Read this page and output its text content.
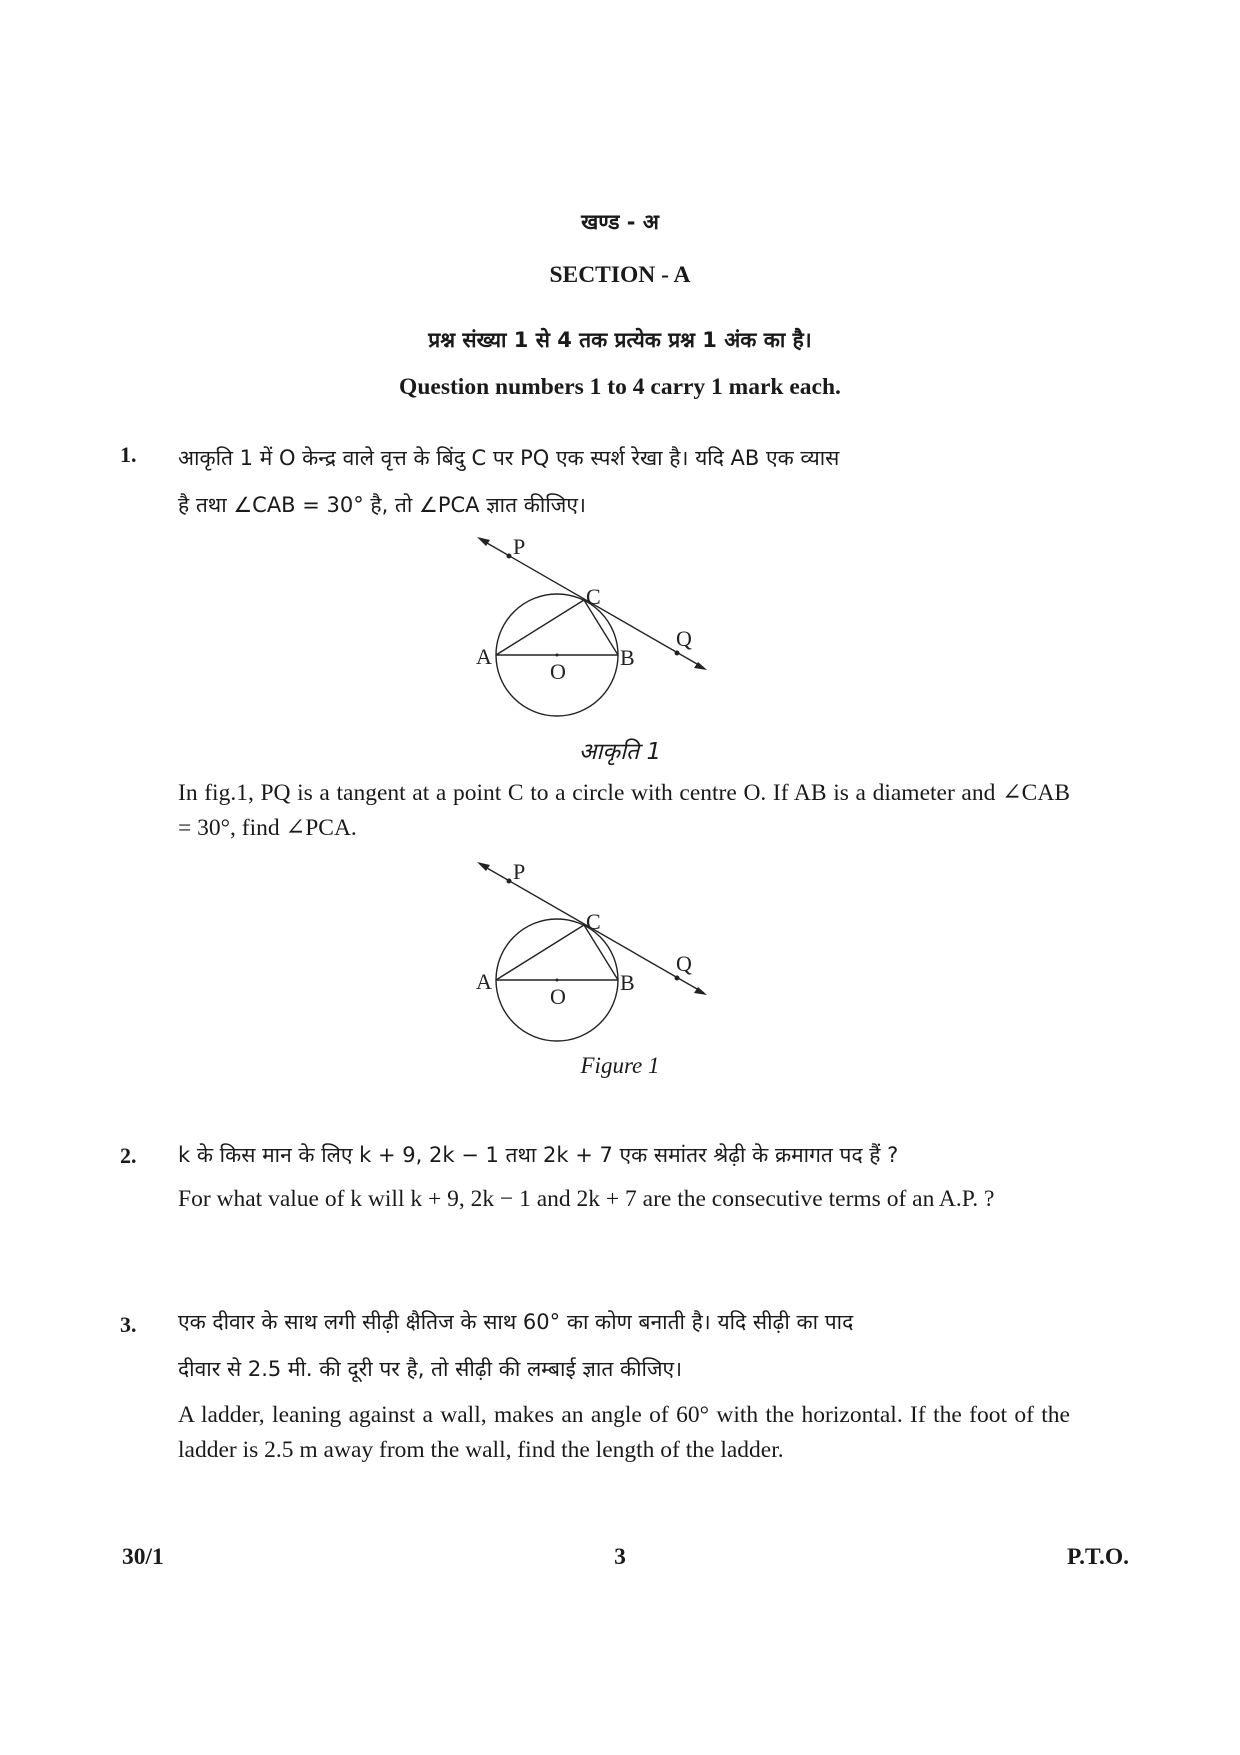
खण्ड - अ
SECTION - A
प्रश्न संख्या 1 से 4 तक प्रत्येक प्रश्न 1 अंक का है।
Question numbers 1 to 4 carry 1 mark each.
1. आकृति 1 में O केन्द्र वाले वृत्त के बिंदु C पर PQ एक स्पर्श रेखा है। यदि AB एक व्यास
है तथा ∠CAB = 30° है, तो ∠PCA ज्ञात कीजिए।
P
C
Q
A	B
O
आकृति 1
In fig.1, PQ is a tangent at a point C to a circle with centre O. If AB is a diameter and ∠CAB = 30°, find ∠PCA.
P
C
Q
A	B
O
Figure 1
2. k के किस मान के लिए k + 9, 2k − 1 तथा 2k + 7 एक समांतर श्रेढ़ी के क्रमागत पद हैं ?
For what value of k will k + 9, 2k − 1 and 2k + 7 are the consecutive terms of an A.P. ?
3. एक दीवार के साथ लगी सीढ़ी क्षैतिज के साथ 60° का कोण बनाती है। यदि सीढ़ी का पाद
दीवार से 2.5 मी. की दूरी पर है, तो सीढ़ी की लम्बाई ज्ञात कीजिए।
A ladder, leaning against a wall, makes an angle of 60° with the horizontal. If the foot of the ladder is 2.5 m away from the wall, find the length of the ladder.
30/1	3	P.T.O.
